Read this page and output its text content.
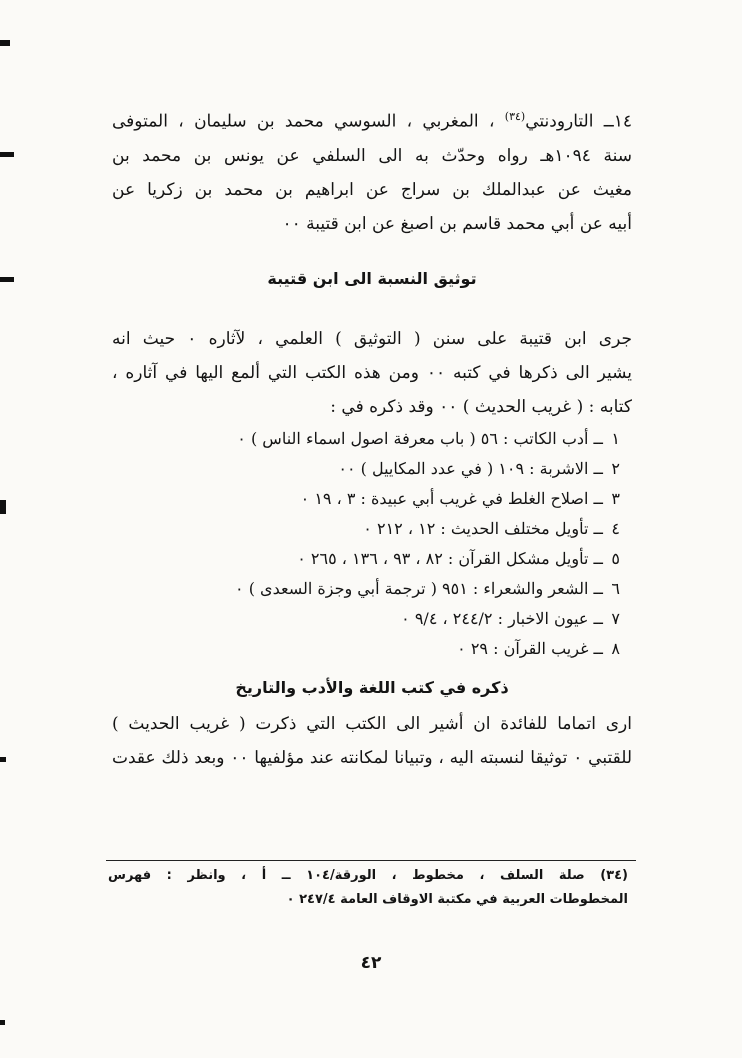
١٤ــ التارودنتي$^{(٣٤)}$ ، المغربي ، السوسي محمد بن سليمان ، المتوفى
سنة ١٠٩٤هـ رواه وحدّث به الى السلفي عن يونس بن محمد بن
مغيث عن عبدالملك بن سراج عن ابراهيم بن محمد بن زكريا عن
أبيه عن أبي محمد قاسم بن اصبغ عن ابن قتيبة ٠٠

توثيق النسبة الى ابن قتيبة

جرى ابن قتيبة على سنن ( التوثيق ) العلمي ، لآثاره ٠ حيث انه
يشير الى ذكرها في كتبه ٠٠ ومن هذه الكتب التي ألمع اليها في آثاره ،
كتابه : ( غريب الحديث ) ٠٠ وقد ذكره في :
١ ــ أدب الكاتب : ٥٦ ( باب معرفة اصول اسماء الناس ) ٠
٢ ــ الاشربة : ١٠٩ ( في عدد المكاييل ) ٠٠
٣ ــ اصلاح الغلط في غريب أبي عبيدة : ٣ ، ١٩ ٠
٤ ــ تأويل مختلف الحديث : ١٢ ، ٢١٢ ٠
٥ ــ تأويل مشكل القرآن : ٨٢ ، ٩٣ ، ١٣٦ ، ٢٦٥ ٠
٦ ــ الشعر والشعراء : ٩٥١ ( ترجمة أبي وجزة السعدى ) ٠
٧ ــ عيون الاخبار : ٢٤٤/٢ ، ٩/٤ ٠
٨ ــ غريب القرآن : ٢٩ ٠

ذكره في كتب اللغة والأدب والتاريخ

ارى اتماما للفائدة ان أشير الى الكتب التي ذكرت ( غريب الحديث )
للقتبي ٠ توثيقا لنسبته اليه ، وتبيانا لمكانته عند مؤلفيها ٠٠ وبعد ذلك عقدت
(٣٤) صلة السلف ، مخطوط ، الورقة/١٠٤ ــ أ ، وانظر : فهرس
المخطوطات العربية في مكتبة الاوقاف العامة ٢٤٧/٤ ٠
٤٢
